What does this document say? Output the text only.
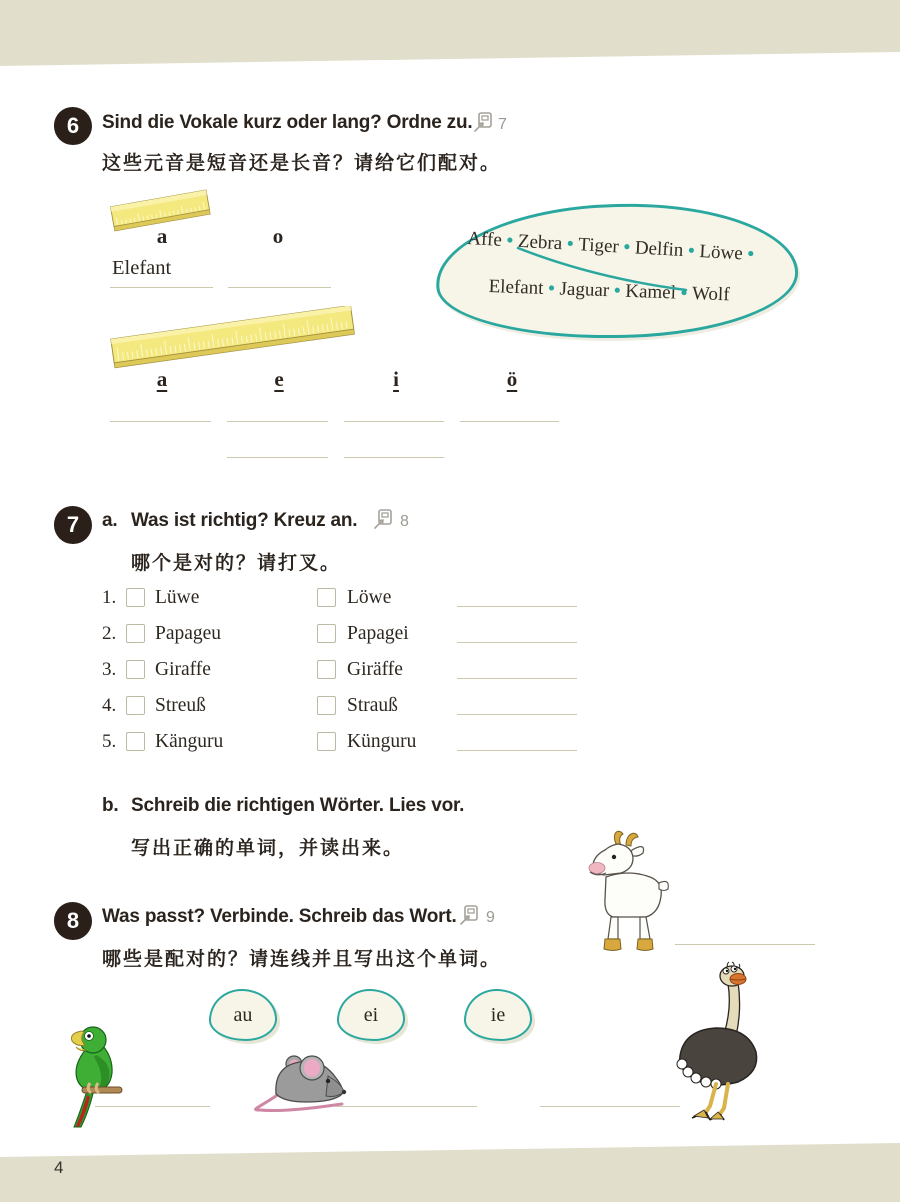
4
6 Sind die Vokale kurz oder lang? Ordne zu. 7
这些元音是短音还是长音？请给它们配对。
a	o
Elefant
Affe • Zebra • Tiger • Delfin • Löwe •
Elefant • Jaguar • Kamel • Wolf
a	e	i	ö
7 a. Was ist richtig? Kreuz an.	8
哪个是对的？请打叉。
1. Lüwe	Löwe
2. Papageu	Papagei
3. Giraffe	Giräffe
4. Streuß	Strauß
5. Känguru	Künguru
b. Schreib die richtigen Wörter. Lies vor.
写出正确的单词，并读出来。
8 Was passt? Verbinde. Schreib das Wort. 9
哪些是配对的？请连线并且写出这个单词。
au	ei	ie
